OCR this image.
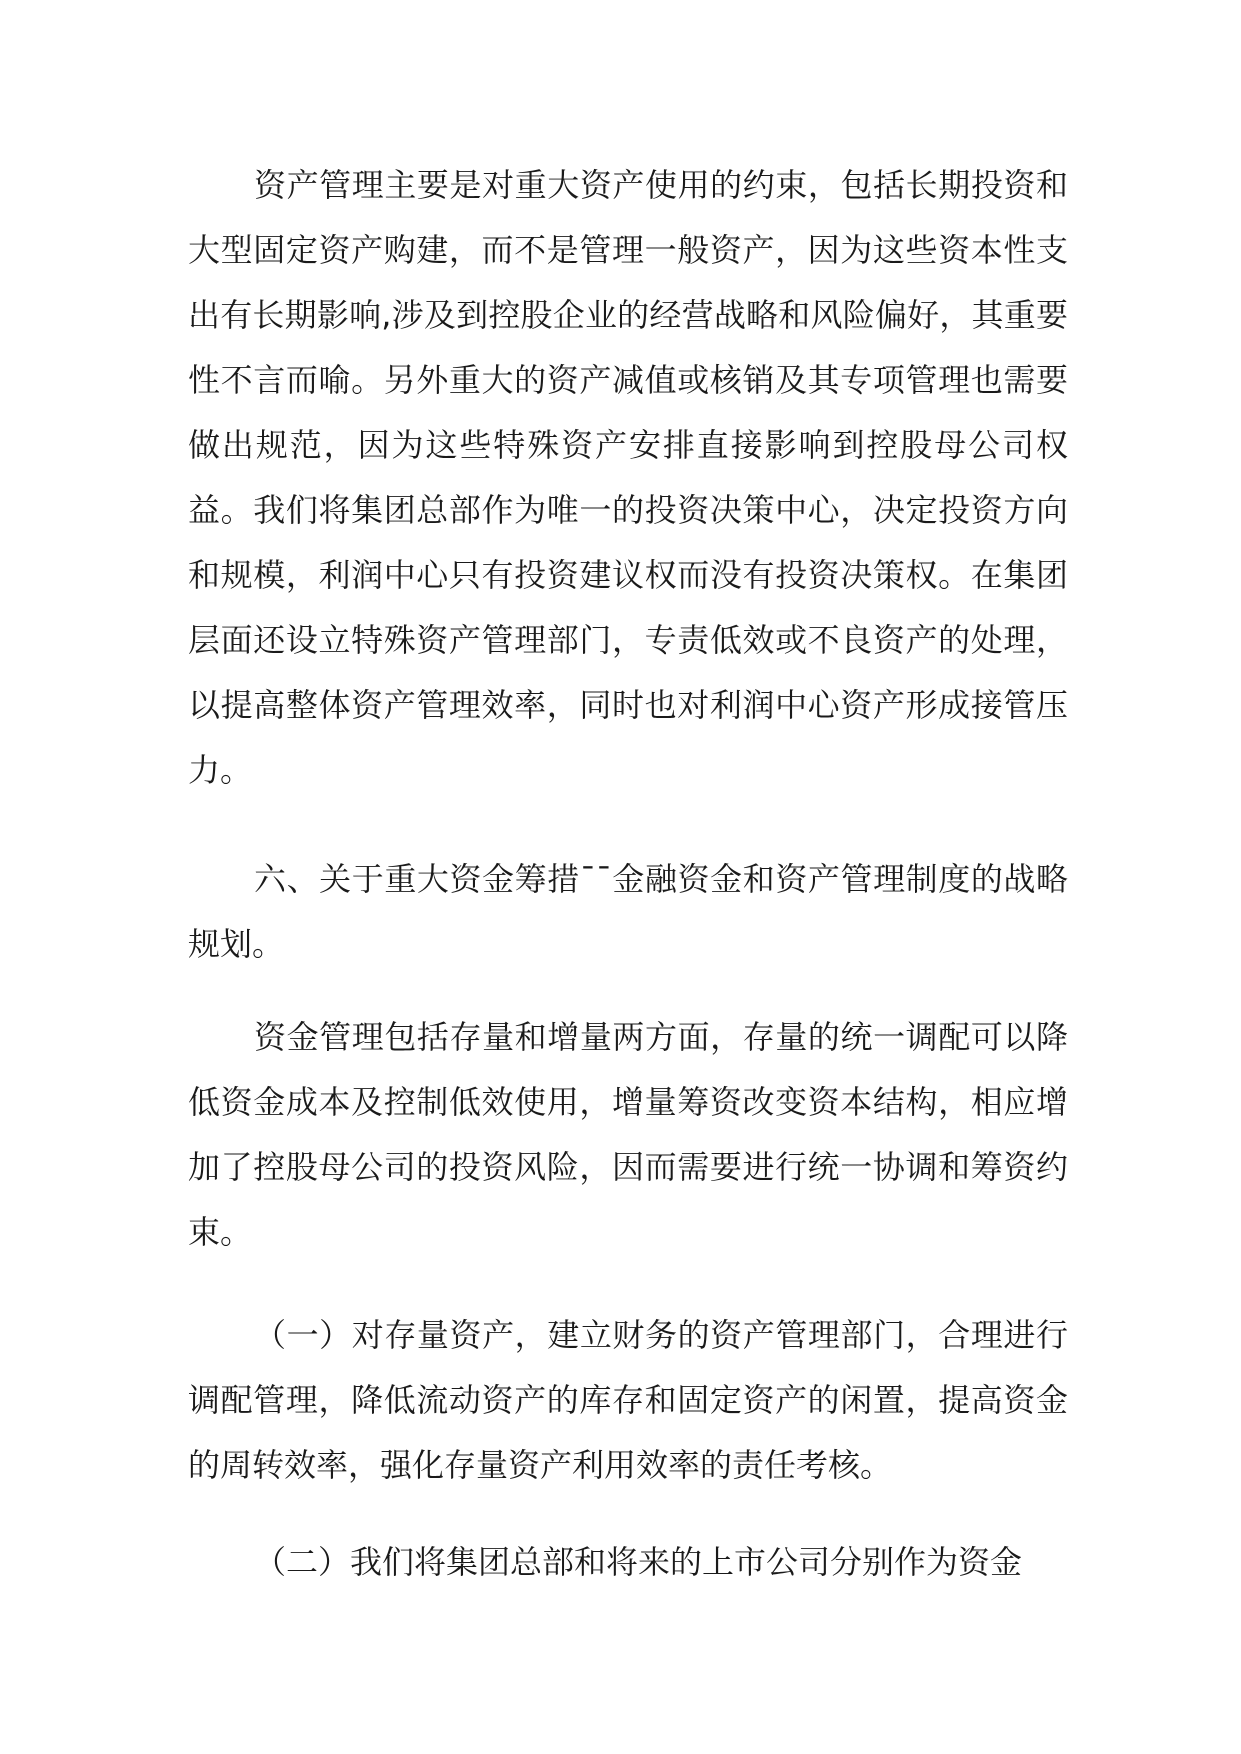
资产管理主要是对重大资产使用的约束，包括长期投资和大型固定资产购建，而不是管理一般资产，因为这些资本性支出有长期影响,涉及到控股企业的经营战略和风险偏好，其重要性不言而喻。另外重大的资产减值或核销及其专项管理也需要做出规范，因为这些特殊资产安排直接影响到控股母公司权益。我们将集团总部作为唯一的投资决策中心，决定投资方向和规模，利润中心只有投资建议权而没有投资决策权。在集团层面还设立特殊资产管理部门，专责低效或不良资产的处理，以提高整体资产管理效率，同时也对利润中心资产形成接管压力。

六、关于重大资金筹措¯¯金融资金和资产管理制度的战略规划。

资金管理包括存量和增量两方面，存量的统一调配可以降低资金成本及控制低效使用，增量筹资改变资本结构，相应增加了控股母公司的投资风险，因而需要进行统一协调和筹资约束。

（一）对存量资产，建立财务的资产管理部门，合理进行调配管理，降低流动资产的库存和固定资产的闲置，提高资金的周转效率，强化存量资产利用效率的责任考核。

（二）我们将集团总部和将来的上市公司分别作为资金
